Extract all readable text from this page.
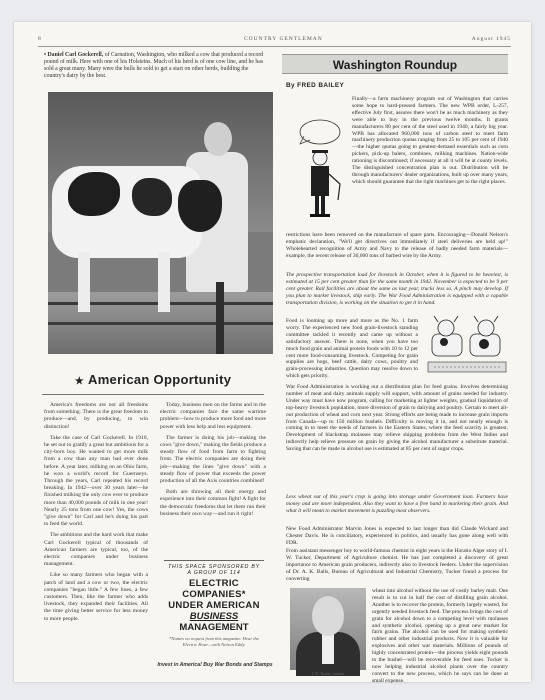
8	COUNTRY GENTLEMAN	August 1945
• Daniel Carl Gockerell, of Carnation, Washington, who milked a cow that produced a record pound of milk. Here with one of his Holsteins. Much of his herd is of one cow line, and he has sold a great many. Many were the bulls he sold to get a start on other herds, building the country's dairy by the best.
★ American Opportunity

America's freedoms are not all freedoms from something. There is the great freedom to produce—and, by producing, to win distinction!

Take the case of Carl Gockerell. In 1910, he set out to gratify a great but ambitious for a city-born boy. He wanted to get more milk from a cow than any man had ever done before. A year later, milking on an Ohio farm, he won a world's record for Guernseys. Through the years, Carl repeated his record breaking. In 1942—over 30 years later—he finished milking the only cow ever to produce more than 40,000 pounds of milk in one year! Nearly 25 tons from one cow! Yes, the cows "give down" for Carl and he's doing his part to feed the world.

The ambitions and the hard work that make Carl Gockerell typical of thousands of American farmers are typical, too, of the electric companies under business management.

Like so many farmers who began with a patch of land and a cow or two, the electric companies "began little." A few lines, a few customers. Then, like the farmer who adds livestock, they expanded their facilities. All the time giving better service for less money to more people.

Today, business men on the farms and in the electric companies face the same wartime problem—how to produce more food and more power with less help and less equipment.

The farmer is doing his job—making the cows "give down," making the fields produce a steady flow of food from farm to fighting front. The electric companies are doing their job—making the lines "give down" with a steady flow of power that exceeds the power production of all the Axis countries combined!

Both are throwing all their energy and experience into their common fight! A fight for the democratic freedoms that let them run their business their own way—and run it right!

THIS SPACE SPONSORED BY
A GROUP OF 114
ELECTRIC COMPANIES*
UNDER AMERICAN
BUSINESS MANAGEMENT
*Names on request from this magazine. Hear the Electric Hour—with Nelson Eddy.
Invest in America! Buy War Bonds and Stamps
Washington Roundup
By FRED BAILEY

Finally—a farm machinery program out of Washington that carries some hope to hard-pressed farmers. The new WPB order, L-257, effective July first, assures there won't be as much machinery as they were able to buy in the previous twelve months. It grants manufacturers 80 per cent of the steel used in 1940, a fairly big year. WPB has allocated 960,000 tons of carbon steel to meet farm machinery production quotas ranging from 25 to 105 per cent of 1940—the higher quotas going to greatest-demand essentials such as corn pickers, pick-up balers, combines, milking machines. Nation-wide rationing is discontinued; if necessary at all it will be at county levels. The distinguished concentration plan is out. Distribution will be through manufacturers' dealer organizations, built up over many years, which should guarantee that the right machines get to the right places.

restrictions have been removed on the manufacture of spare parts. Encouraging—Donald Nelson's emphatic declaration, "We'll get directives out immediately if steel deliveries are held up!" Wholehearted recognition of Army and Navy to the release of badly needed farm materials—example, the recent release of 30,000 tons of barbed wire by the Army.

The prospective transportation load for livestock in October, when it is figured to be heaviest, is estimated at 15 per cent greater than for the same month in 1942. November is expected to be 9 per cent greater. Rail facilities are about the same as last year, trucks less so. A pinch may develop. If you plan to market livestock, ship early. The War Food Administration is equipped with a capable transportation division, is working on the situation to get it in hand.

Food is looming up more and more as the No. 1 farm worry. The experienced new food grain-livestock standing committee tackled it recently and came up without a satisfactory answer. There is none, when you have too much food grain and animal protein foods with 10 to 12 per cent more food-consuming livestock. Competing for grain supplies are hogs, beef cattle, dairy cows, poultry and grain-processing industries. Question may resolve down to which gets priority.

War Food Administration is working out a distribution plan for feed grains. Involves determining number of meat and dairy animals supply will support, with amount of grains needed for industry. Under way must have now program, calling for marketing at lighter weights, gradual liquidation of top-heavy livestock population, more diversion of grain to dairying and poultry. Certain to meet all-out production of wheat and corn next year. Strong efforts are being made to increase grain imports from Canada—up to 150 million bushels. Difficulty is moving it in, and not nearly enough is coming in to meet the needs of farmers in the Eastern States, where the feed scarcity is greatest. Development of blackstrap molasses may relieve shipping problems from the West Indies and indirectly help relieve pressure on grain by giving the alcohol manufacturer a substitute material. Saving that can be made in alcohol use is estimated at 85 per cent of sugar crops.

Less wheat out of this year's crop is going into storage under Government loan. Farmers have money and are more independent. Also they want to have a free hand in marketing their grain. And what it will mean to market movement is puzzling most observers.

New Food Administrator Marvin Jones is expected to last longer than did Claude Wickard and Chester Davis. He is conciliatory, experienced in politics, and usually has gone along well with FDR.

From assistant messenger boy to world-famous chemist in eight years is the Horatio Alger story of I. W. Tucker, Department of Agriculture chemist. He has just completed a discovery of great importance to American grain producers, indirectly also to livestock feeders. Under the supervision of Dr. A. K. Balls, Bureau of Agricultural and Industrial Chemistry, Tucker found a process for converting

wheat into alcohol without the use of costly barley malt. One result is to cut in half the cost of distilling grain alcohol. Another is to recover the protein, formerly largely wasted, for urgently needed livestock feed. The process brings the cost of grain for alcohol down to a competing level with molasses and synthetic alcohol, opening up a great new market for farm grains. The alcohol can be used for making synthetic rubber and other industrial products. Now it is valuable for explosives and other war materials. Millions of pounds of highly concentrated protein—the process yields eight pounds to the bushel—will be recoverable for feed uses. Tucker is now helping industrial alcohol plants over the country convert to the new process, which he says can be done at small expense.

I. W. Tucker, chemist
